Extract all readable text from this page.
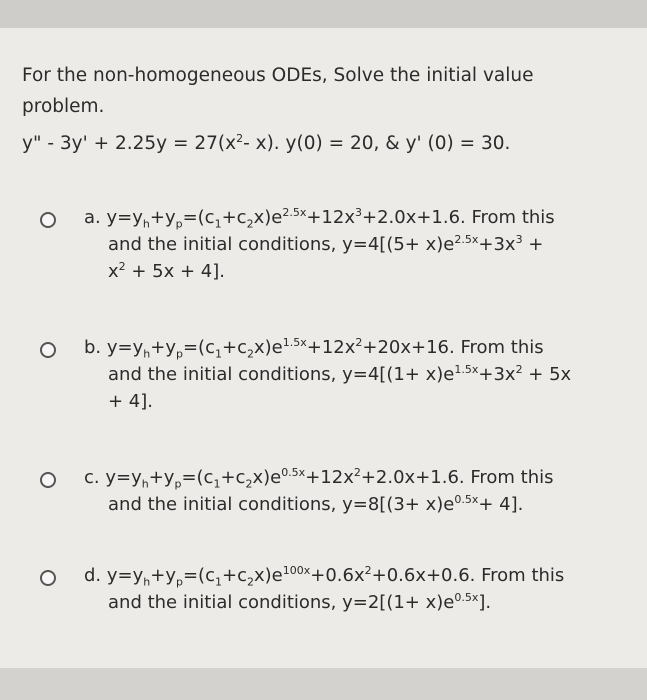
For the non-homogeneous ODEs, Solve the initial value problem.

y" - $3y' + 2.25y = 27(x^2-$ x). y(0) = 20, & y' (0) = 30.
a. $y=y_h+y_p=(c_1+c_2x)e^{2.5x}+12x^3+2.0x+1.6$. From this
and the initial conditions, $y=4[(5+ x)e^{2.5x}+3x^3$ +
$x^2 + 5x + 4$].
b. $y=y_h+y_p=(c_1+c_2x)e^{1.5x}+12x^2+20x+16$. From this
and the initial conditions, $y=4[(1+ x)e^{1.5x}+3x^2 + 5x$
+ 4].
c. $y=y_h+y_p=(c_1+c_2x)e^{0.5x}+12x^2+2.0x+1.6$. From this
and the initial conditions, $y=8[(3+ x)e^{0.5x}+ 4]$.
d. $y=y_h+y_p=(c_1+c_2x)e^{100x}+0.6x^2+0.6x+0.6$. From this
and the initial conditions, $y=2[(1+ x)e^{0.5x}]$.
